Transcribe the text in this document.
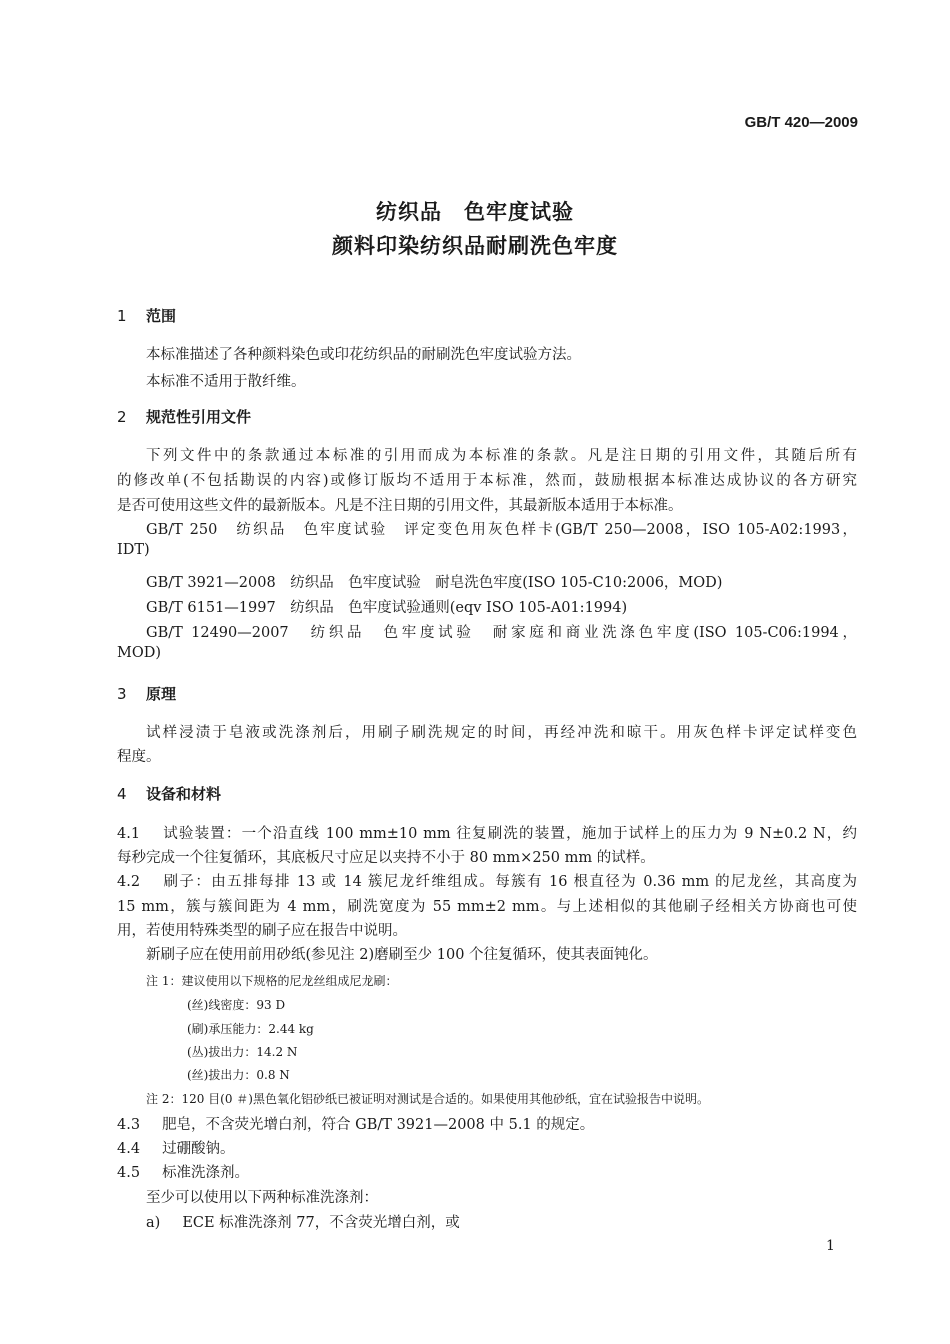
GB/T 420—2009
纺织品　色牢度试验
颜料印染纺织品耐刷洗色牢度
1 范围
本标准描述了各种颜料染色或印花纺织品的耐刷洗色牢度试验方法。
本标准不适用于散纤维。
2 规范性引用文件
下列文件中的条款通过本标准的引用而成为本标准的条款。凡是注日期的引用文件，其随后所有
的修改单(不包括勘误的内容)或修订版均不适用于本标准，然而，鼓励根据本标准达成协议的各方研究
是否可使用这些文件的最新版本。凡是不注日期的引用文件，其最新版本适用于本标准。
GB/T 250　纺织品　色牢度试验　评定变色用灰色样卡(GB/T 250—2008，ISO 105-A02:1993，
IDT)
GB/T 3921—2008　纺织品　色牢度试验　耐皂洗色牢度(ISO 105-C10:2006，MOD)
GB/T 6151—1997　纺织品　色牢度试验通则(eqv ISO 105-A01:1994)
GB/T 12490—2007　纺织品　色牢度试验　耐家庭和商业洗涤色牢度(ISO 105-C06:1994，
MOD)
3 原理
试样浸渍于皂液或洗涤剂后，用刷子刷洗规定的时间，再经冲洗和晾干。用灰色样卡评定试样变色
程度。
4 设备和材料
4.1 试验装置：一个沿直线 100 mm±10 mm 往复刷洗的装置，施加于试样上的压力为 9 N±0.2 N，约
每秒完成一个往复循环，其底板尺寸应足以夹持不小于 80 mm×250 mm 的试样。
4.2 刷子：由五排每排 13 或 14 簇尼龙纤维组成。每簇有 16 根直径为 0.36 mm 的尼龙丝，其高度为
15 mm，簇与簇间距为 4 mm，刷洗宽度为 55 mm±2 mm。与上述相似的其他刷子经相关方协商也可使
用，若使用特殊类型的刷子应在报告中说明。
新刷子应在使用前用砂纸(参见注 2)磨刷至少 100 个往复循环，使其表面钝化。
注 1：建议使用以下规格的尼龙丝组成尼龙刷：
(丝)线密度：93 D
(刷)承压能力：2.44 kg
(丛)拔出力：14.2 N
(丝)拔出力：0.8 N
注 2：120 目(0 ＃)黑色氧化铝砂纸已被证明对测试是合适的。如果使用其他砂纸，宜在试验报告中说明。
4.3 肥皂，不含荧光增白剂，符合 GB/T 3921—2008 中 5.1 的规定。
4.4 过硼酸钠。
4.5 标准洗涤剂。
至少可以使用以下两种标准洗涤剂：
a) ECE 标准洗涤剂 77，不含荧光增白剂，或
1
